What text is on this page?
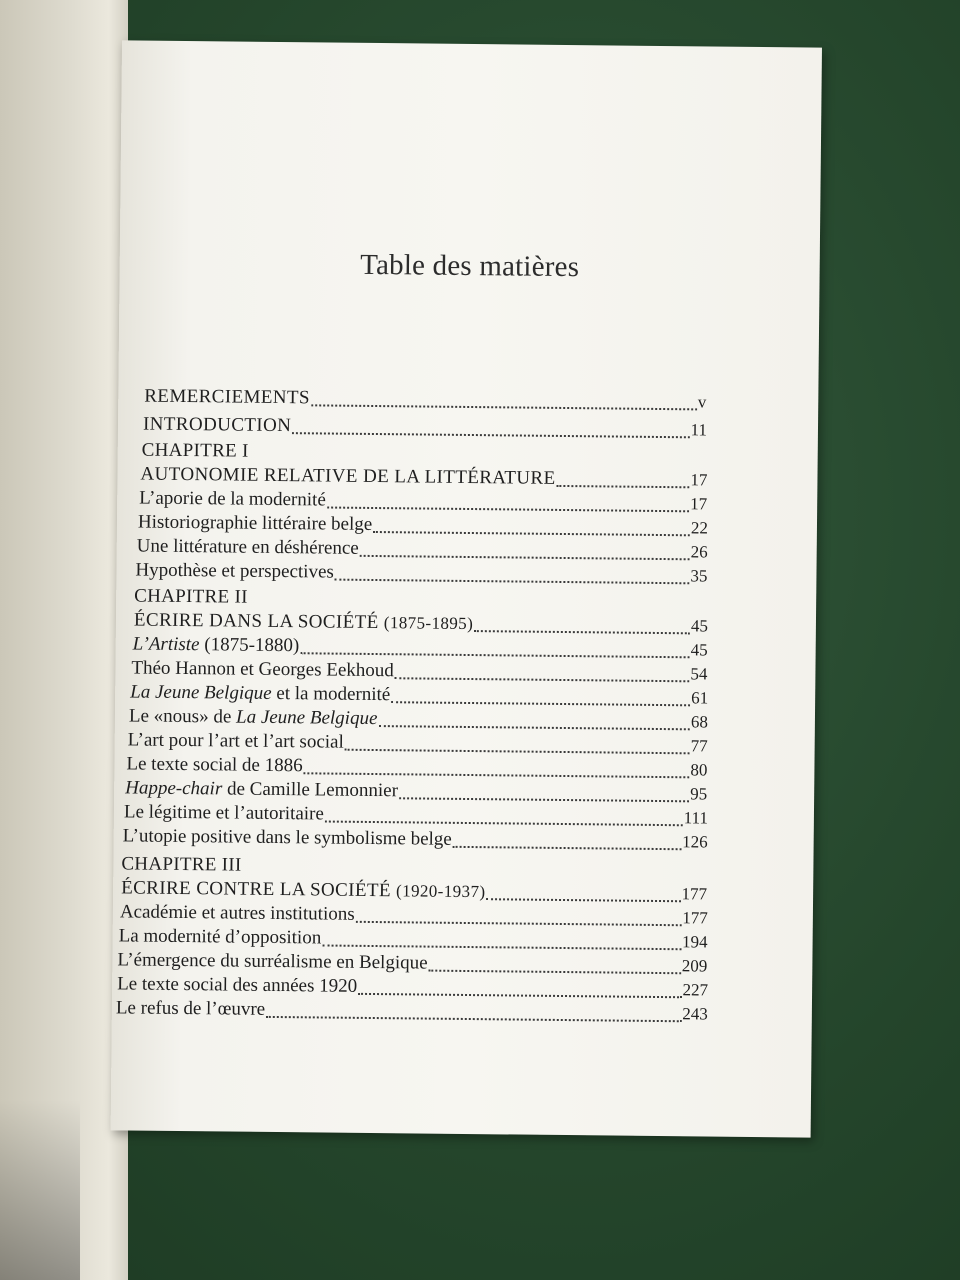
Table des matières
REMERCIEMENTS	v
INTRODUCTION	11
CHAPITRE I
AUTONOMIE RELATIVE DE LA LITTÉRATURE	17
L’aporie de la modernité	17
Historiographie littéraire belge	22
Une littérature en déshérence	26
Hypothèse et perspectives	35
CHAPITRE II
ÉCRIRE DANS LA SOCIÉTÉ (1875-1895)	45
L’Artiste (1875-1880)	45
Théo Hannon et Georges Eekhoud	54
La Jeune Belgique et la modernité	61
Le «nous» de La Jeune Belgique	68
L’art pour l’art et l’art social	77
Le texte social de 1886	80
Happe-chair de Camille Lemonnier	95
Le légitime et l’autoritaire	111
L’utopie positive dans le symbolisme belge	126
CHAPITRE III
ÉCRIRE CONTRE LA SOCIÉTÉ (1920-1937)	177
Académie et autres institutions	177
La modernité d’opposition	194
L’émergence du surréalisme en Belgique	209
Le texte social des années 1920	227
Le refus de l’œuvre	243
